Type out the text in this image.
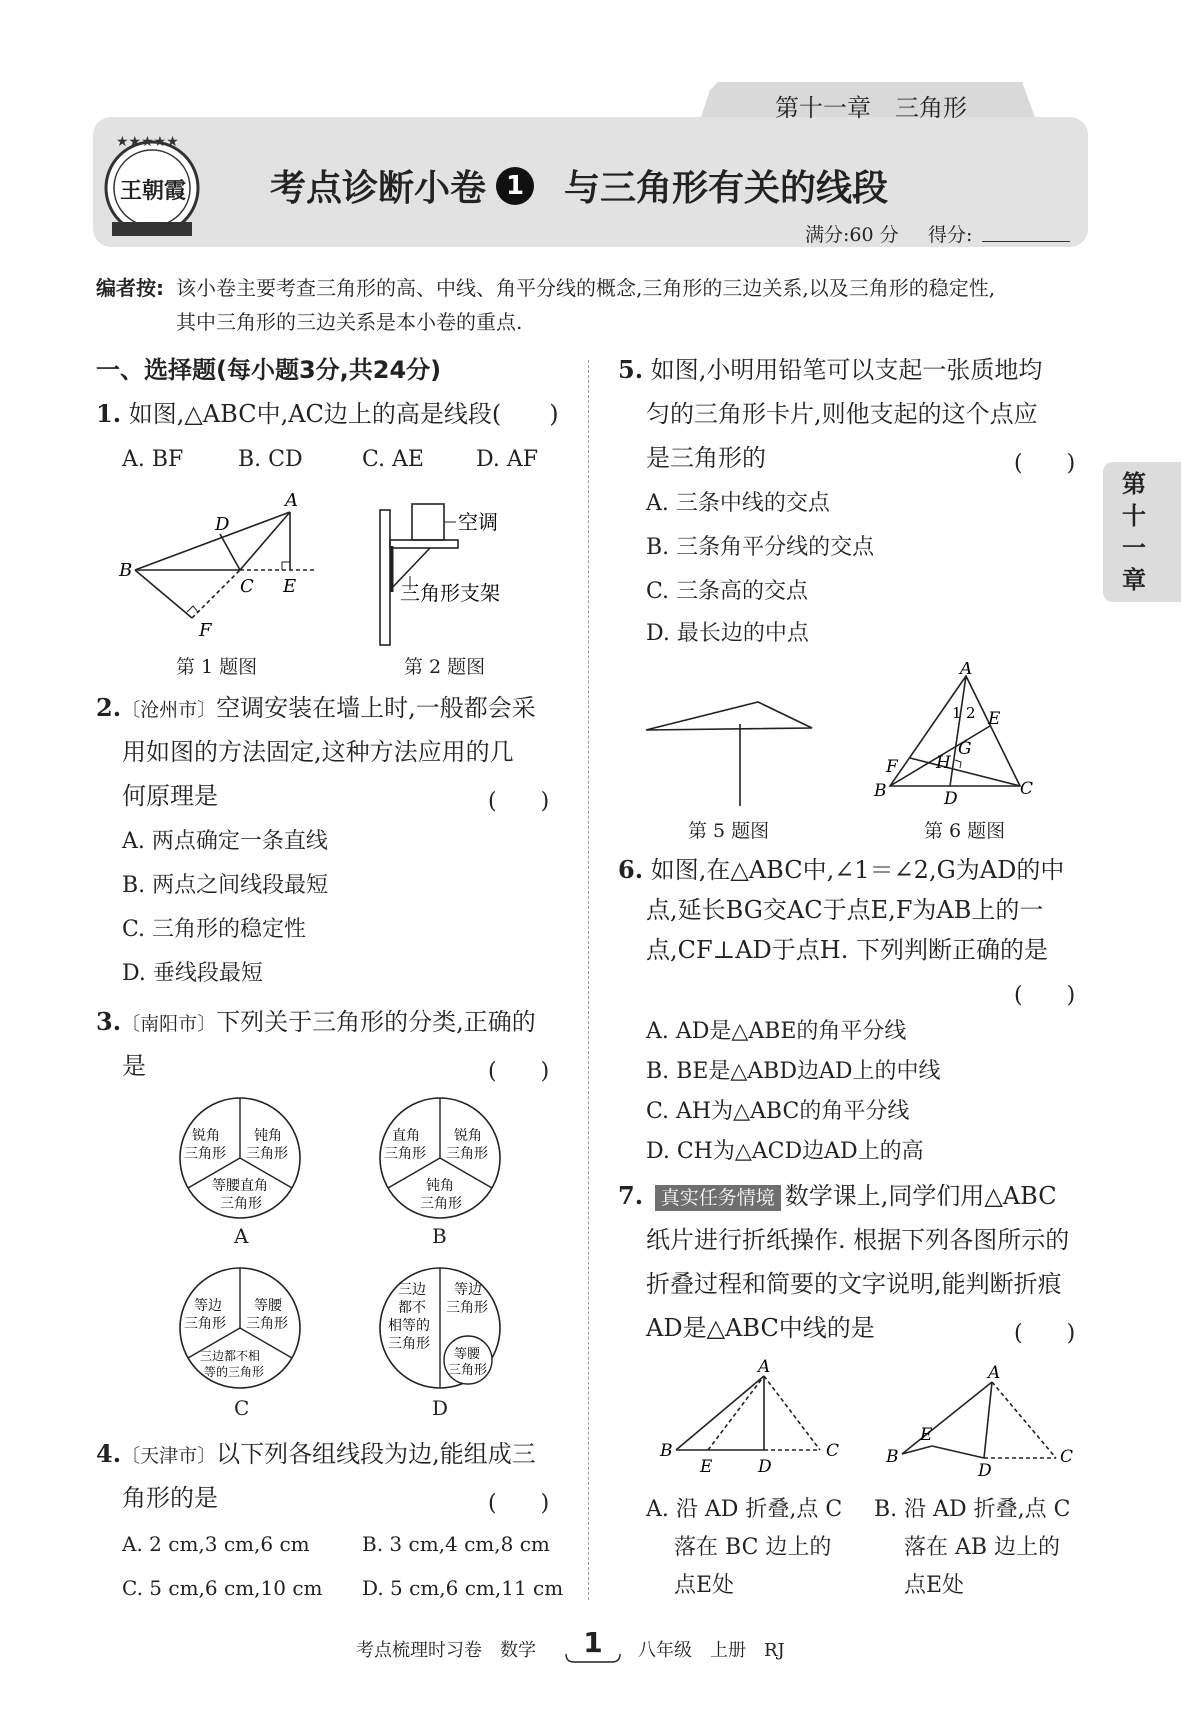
第十一章　三角形
★★★★★
王朝霞 考点诊断小卷 1 与三角形有关的线段
满分:60 分 得分:
第
十
一
章
编者按: 该小卷主要考查三角形的高、中线、角平分线的概念,三角形的三边关系,以及三角形的稳定性,
其中三角形的三边关系是本小卷的重点.
一、选择题(每小题3分,共24分)
1. 如图,△ABC中,AC边上的高是线段(　　)
A. BF B. CD	C. AE D. AF
A
B
C
D
E
F
第 1 题图
空调
三角形支架
第 2 题图
2.〔沧州市〕空调安装在墙上时,一般都会采
用如图的方法固定,这种方法应用的几
何原理是	(　　)
A. 两点确定一条直线
B. 两点之间线段最短
C. 三角形的稳定性
D. 垂线段最短
3.〔南阳市〕下列关于三角形的分类,正确的
是	(　　)
锐角
三角形
钝角
三角形
等腰直角
三角形
A
直角
三角形
锐角
三角形
钝角
三角形
B
等边
三角形
等腰
三角形
三边都不相
等的三角形
C
三边
都不
相等的
三角形
等边
三角形
等腰
三角形
D
4.〔天津市〕以下列各组线段为边,能组成三
角形的是	(　　)
A. 2 cm,3 cm,6 cm	B. 3 cm,4 cm,8 cm
C. 5 cm,6 cm,10 cm D. 5 cm,6 cm,11 cm
5. 如图,小明用铅笔可以支起一张质地均
匀的三角形卡片,则他支起的这个点应
是三角形的	(　　)
A. 三条中线的交点
B. 三条角平分线的交点
C. 三条高的交点
D. 最长边的中点
第 5 题图
A
B	C
D
E
F
G
H
1 2
第 6 题图
6. 如图,在△ABC中,∠1＝∠2,G为AD的中
点,延长BG交AC于点E,F为AB上的一
点,CF⊥AD于点H. 下列判断正确的是
(　　)
A. AD是△ABE的角平分线
B. BE是△ABD边AD上的中线
C. AH为△ABC的角平分线
D. CH为△ACD边AD上的高
7. 真实任务情境 数学课上,同学们用△ABC
纸片进行折纸操作. 根据下列各图所示的
折叠过程和简要的文字说明,能判断折痕
AD是△ABC中线的是	(　　)
A
B	C
D
E
A
B	C
D
E
A. 沿 AD 折叠,点 C
落在 BC 边上的
点E处
B. 沿 AD 折叠,点 C
落在 AB 边上的
点E处
考点梳理时习卷　数学 1 八年级　上册　RJ
